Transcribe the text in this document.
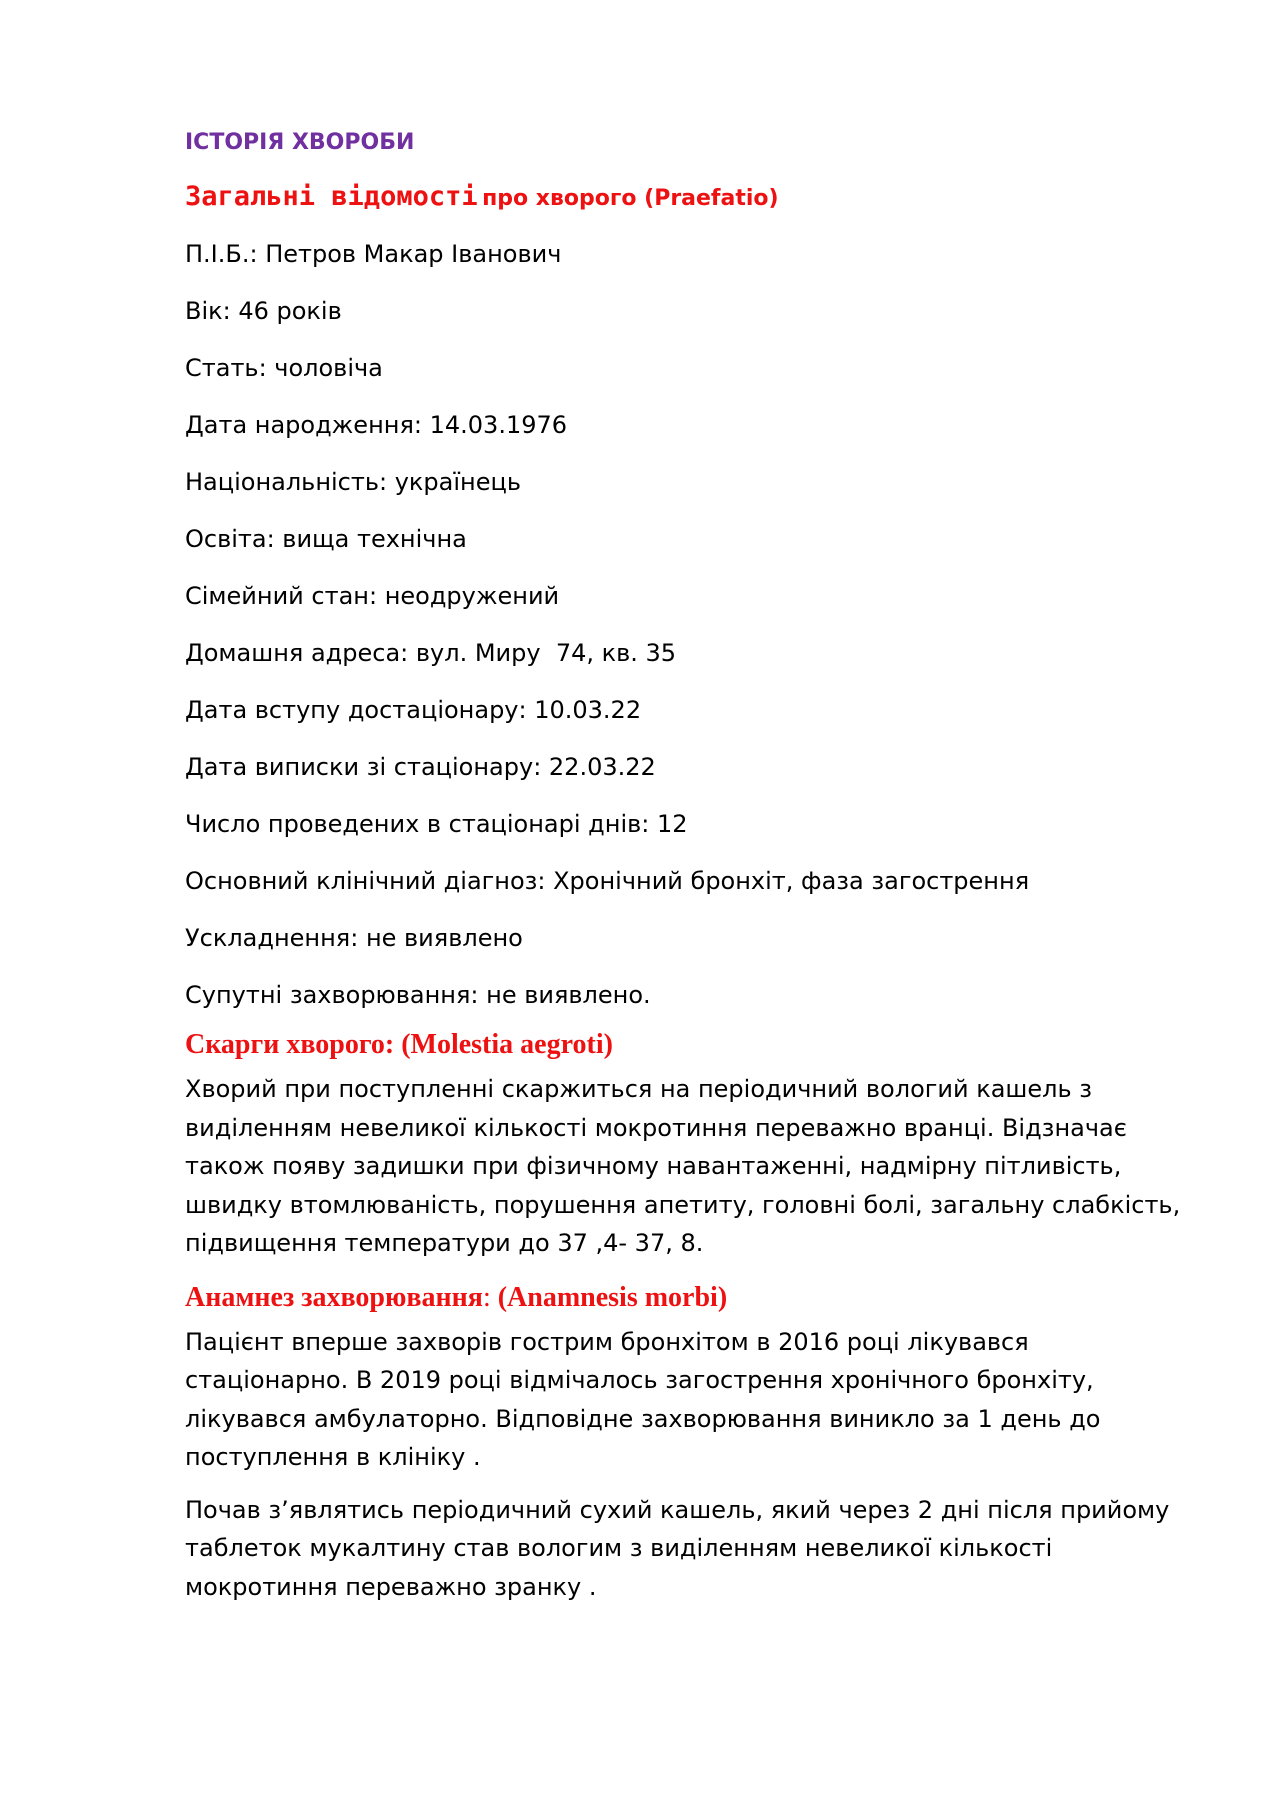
ІСТОРІЯ ХВОРОБИ
Загальні відомості про хворого (Praefatio)
П.І.Б.: Петров Макар Іванович
Вік: 46 років
Стать: чоловіча
Дата народження: 14.03.1976
Національність: українець
Освіта: вища технічна
Сімейний стан: неодружений
Домашня адреса: вул. Миру  74, кв. 35
Дата вступу достаціонару: 10.03.22
Дата виписки зі стаціонару: 22.03.22
Число проведених в стаціонарі днів: 12
Основний клінічний діагноз: Хронічний бронхіт, фаза загострення
Ускладнення: не виявлено
Супутні захворювання: не виявлено.
Скарги хворого: (Molestia aegroti)
Хворий при поступленні скаржиться на періодичний вологий кашель з виділенням невеликої кількості мокротиння переважно вранці. Відзначає також появу задишки при фізичному навантаженні, надмірну пітливість, швидку втомлюваність, порушення апетиту, головні болі, загальну слабкість, підвищення температури до 37 ,4- 37, 8.
Анамнез захворювання: (Anamnesis morbi)
Пацієнт вперше захворів гострим бронхітом в 2016 році лікувався стаціонарно. В 2019 році відмічалось загострення хронічного бронхіту, лікувався амбулаторно. Відповідне захворювання виникло за 1 день до поступлення в клініку .
Почав з’являтись періодичний сухий кашель, який через 2 дні після прийому таблеток мукалтину став вологим з виділенням невеликої кількості мокротиння переважно зранку .
